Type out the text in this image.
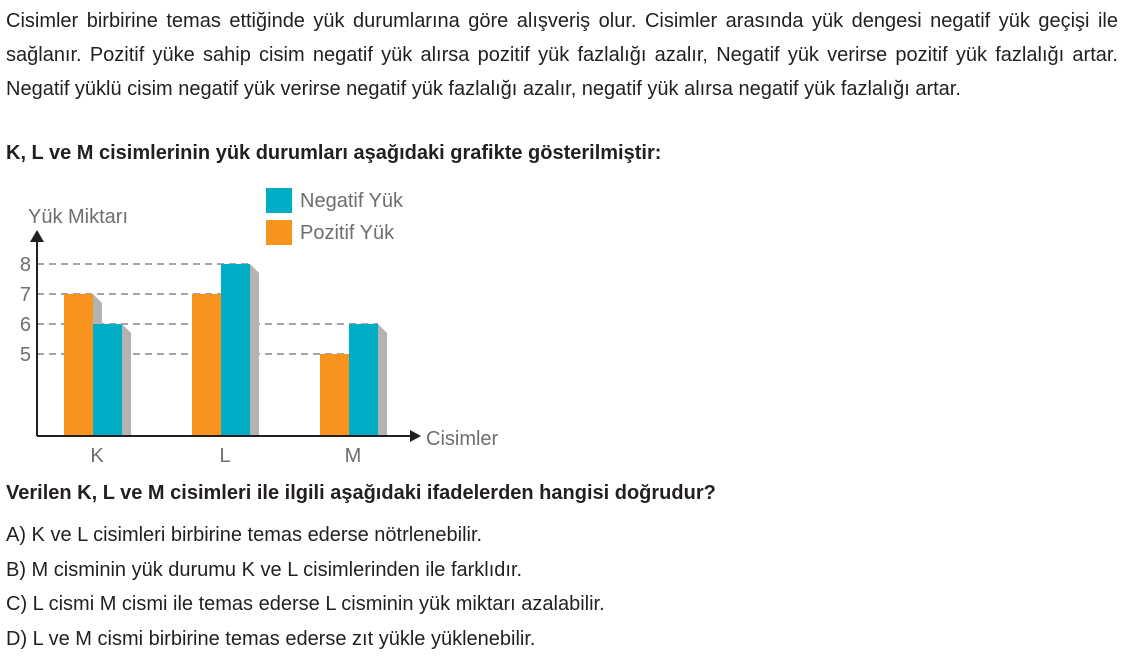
Cisimler birbirine temas ettiğinde yük durumlarına göre alışveriş olur. Cisimler arasında yük dengesi negatif yük geçişi ile sağlanır. Pozitif yüke sahip cisim negatif yük alırsa pozitif yük fazlalığı azalır, Negatif yük verirse pozitif yük fazlalığı artar. Negatif yüklü cisim negatif yük verirse negatif yük fazlalığı azalır, negatif yük alırsa negatif yük fazlalığı artar.

K, L ve M cisimlerinin yük durumları aşağıdaki grafikte gösterilmiştir:

5
6
7
8
K	L	M
Yük Miktarı
Cisimler
Negatif Yük
Pozitif Yük

Verilen K, L ve M cisimleri ile ilgili aşağıdaki ifadelerden hangisi doğrudur?

A) K ve L cisimleri birbirine temas ederse nötrlenebilir.
B) M cisminin yük durumu K ve L cisimlerinden ile farklıdır.
C) L cismi M cismi ile temas ederse L cisminin yük miktarı azalabilir.
D) L ve M cismi birbirine temas ederse zıt yükle yüklenebilir.
